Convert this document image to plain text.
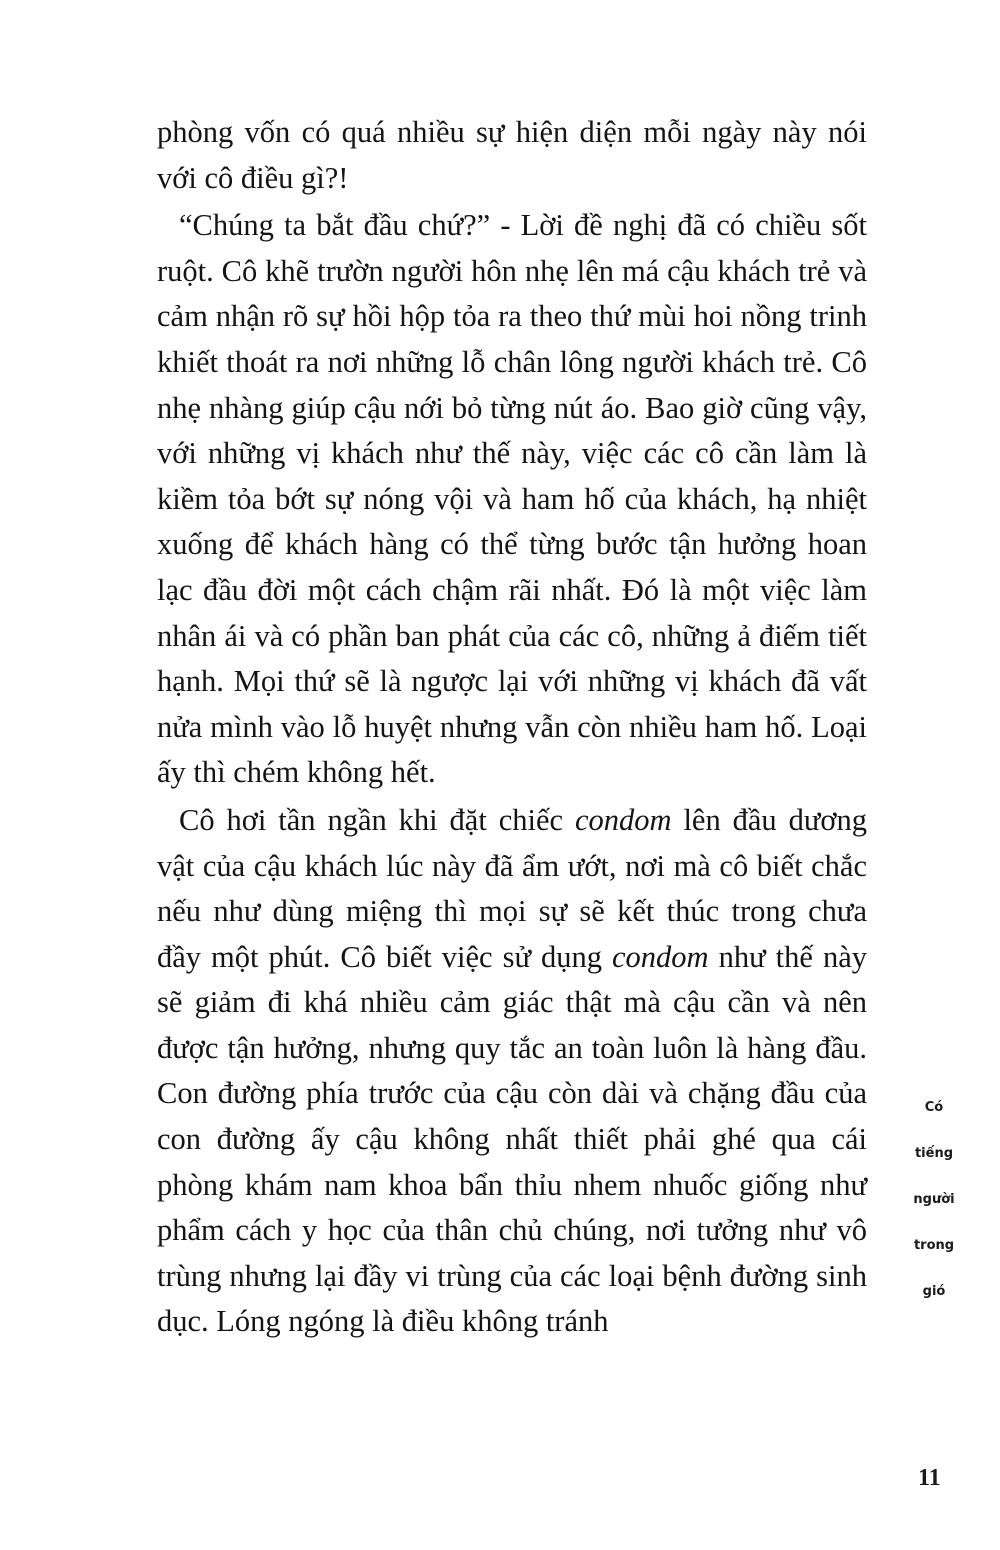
phòng vốn có quá nhiều sự hiện diện mỗi ngày này nói với cô điều gì?!

“Chúng ta bắt đầu chứ?” - Lời đề nghị đã có chiều sốt ruột. Cô khẽ trườn người hôn nhẹ lên má cậu khách trẻ và cảm nhận rõ sự hồi hộp tỏa ra theo thứ mùi hoi nồng trinh khiết thoát ra nơi những lỗ chân lông người khách trẻ. Cô nhẹ nhàng giúp cậu nới bỏ từng nút áo. Bao giờ cũng vậy, với những vị khách như thế này, việc các cô cần làm là kiềm tỏa bớt sự nóng vội và ham hố của khách, hạ nhiệt xuống để khách hàng có thể từng bước tận hưởng hoan lạc đầu đời một cách chậm rãi nhất. Đó là một việc làm nhân ái và có phần ban phát của các cô, những ả điếm tiết hạnh. Mọi thứ sẽ là ngược lại với những vị khách đã vất nửa mình vào lỗ huyệt nhưng vẫn còn nhiều ham hố. Loại ấy thì chém không hết.

Cô hơi tần ngần khi đặt chiếc condom lên đầu dương vật của cậu khách lúc này đã ẩm ướt, nơi mà cô biết chắc nếu như dùng miệng thì mọi sự sẽ kết thúc trong chưa đầy một phút. Cô biết việc sử dụng condom như thế này sẽ giảm đi khá nhiều cảm giác thật mà cậu cần và nên được tận hưởng, nhưng quy tắc an toàn luôn là hàng đầu. Con đường phía trước của cậu còn dài và chặng đầu của con đường ấy cậu không nhất thiết phải ghé qua cái phòng khám nam khoa bẩn thỉu nhem nhuốc giống như phẩm cách y học của thân chủ chúng, nơi tưởng như vô trùng nhưng lại đầy vi trùng của các loại bệnh đường sinh dục. Lóng ngóng là điều không tránh

Có
tiếng
người
trong
gió
11
